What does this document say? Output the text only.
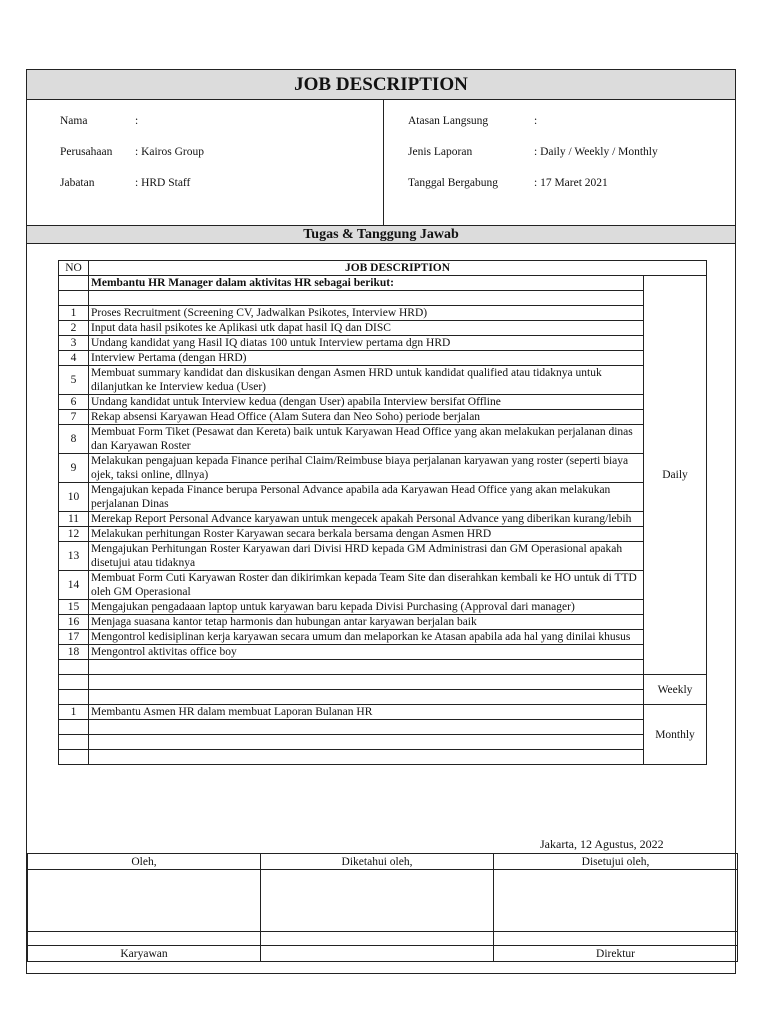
JOB DESCRIPTION
Nama	:
Perusahaan : Kairos Group
Jabatan	: HRD Staff
Atasan Langsung	:
Jenis Laporan	: Daily / Weekly / Monthly
Tanggal Bergabung	: 17 Maret 2021
Tugas & Tanggung Jawab
NO	JOB DESCRIPTION	
	Membantu HR Manager dalam aktivitas HR sebagai berikut:	Daily

1	Proses Recruitment (Screening CV, Jadwalkan Psikotes, Interview HRD)	
2	Input data hasil psikotes ke Aplikasi utk dapat hasil IQ dan DISC	
3	Undang kandidat yang Hasil IQ diatas 100 untuk Interview pertama dgn HRD	
4	Interview Pertama (dengan HRD)	
5	Membuat summary kandidat dan diskusikan dengan Asmen HRD untuk kandidat qualified atau tidaknya untuk dilanjutkan ke Interview kedua (User)	
6	Undang kandidat untuk Interview kedua (dengan User) apabila Interview bersifat Offline	
7	Rekap absensi Karyawan Head Office (Alam Sutera dan Neo Soho) periode berjalan	
8	Membuat Form Tiket (Pesawat dan Kereta) baik untuk Karyawan Head Office yang akan melakukan perjalanan dinas dan Karyawan Roster	
9	Melakukan pengajuan kepada Finance perihal Claim/Reimbuse biaya perjalanan karyawan yang roster (seperti biaya ojek, taksi online, dllnya)	
10	Mengajukan kepada Finance berupa Personal Advance apabila ada Karyawan Head Office yang akan melakukan perjalanan Dinas	
11	Merekap Report Personal Advance karyawan untuk mengecek apakah Personal Advance yang diberikan kurang/lebih	
12	Melakukan perhitungan Roster Karyawan secara berkala bersama dengan Asmen HRD	
13	Mengajukan Perhitungan Roster Karyawan dari Divisi HRD kepada GM Administrasi dan GM Operasional apakah disetujui atau tidaknya	
14	Membuat Form Cuti Karyawan Roster dan dikirimkan kepada Team Site dan diserahkan kembali ke HO untuk di TTD oleh GM Operasional	
15	Mengajukan pengadaaan laptop untuk karyawan baru kepada Divisi Purchasing (Approval dari manager)	
16	Menjaga suasana kantor tetap harmonis dan hubungan antar karyawan berjalan baik	
17	Mengontrol kedisiplinan kerja karyawan secara umum dan melaporkan ke Atasan apabila ada hal yang dinilai khusus	
18	Mengontrol aktivitas office boy	

		Weekly

1	Membantu Asmen HR dalam membuat Laporan Bulanan HR	Monthly

Jakarta, 12 Agustus, 2022
Oleh,	Diketahui oleh,	Disetujui oleh,

Karyawan		Direktur
